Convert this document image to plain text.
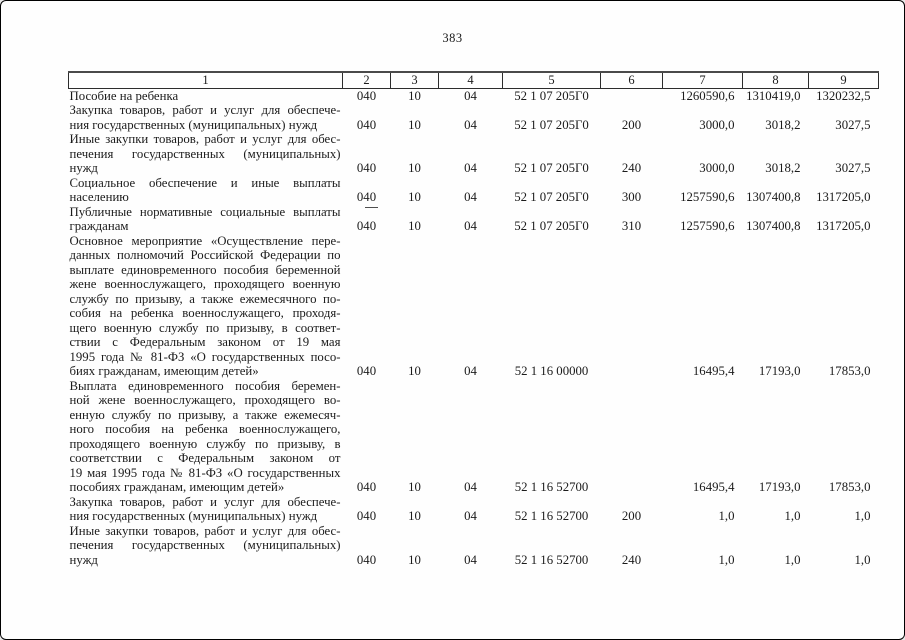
383
1	2	3	4	5	6	7	8	9

Пособие на ребенка	040	10	04	52 1 07 205Г0		1260590,6	1310419,0	1320232,5

Закупка товаров, работ и услуг для обеспече-
ния государственных (муниципальных) нужд	040	10	04	52 1 07 205Г0	200	3000,0	3018,2	3027,5

Иные закупки товаров, работ и услуг для обес-
печения государственных (муниципальных)
нужд	040	10	04	52 1 07 205Г0	240	3000,0	3018,2	3027,5

Социальное обеспечение и иные выплаты
населению	040	10	04	52 1 07 205Г0	300	1257590,6	1307400,8	1317205,0

Публичные нормативные социальные выплаты
гражданам	040	10	04	52 1 07 205Г0	310	1257590,6	1307400,8	1317205,0

Основное мероприятие «Осуществление пере-
данных полномочий Российской Федерации по
выплате единовременного пособия беременной
жене военнослужащего, проходящего военную
службу по призыву, а также ежемесячного по-
собия на ребенка военнослужащего, проходя-
щего военную службу по призыву, в соответ-
ствии с Федеральным законом от 19 мая
1995 года № 81-ФЗ «О государственных посо-
биях гражданам, имеющим детей»	040	10	04	52 1 16 00000		16495,4	17193,0	17853,0

Выплата единовременного пособия беремен-
ной жене военнослужащего, проходящего во-
енную службу по призыву, а также ежемесяч-
ного пособия на ребенка военнослужащего,
проходящего военную службу по призыву, в
соответствии с Федеральным законом от
19 мая 1995 года № 81-ФЗ «О государственных
пособиях гражданам, имеющим детей»	040	10	04	52 1 16 52700		16495,4	17193,0	17853,0

Закупка товаров, работ и услуг для обеспече-
ния государственных (муниципальных) нужд	040	10	04	52 1 16 52700	200	1,0	1,0	1,0

Иные закупки товаров, работ и услуг для обес-
печения государственных (муниципальных)
нужд	040	10	04	52 1 16 52700	240	1,0	1,0	1,0
